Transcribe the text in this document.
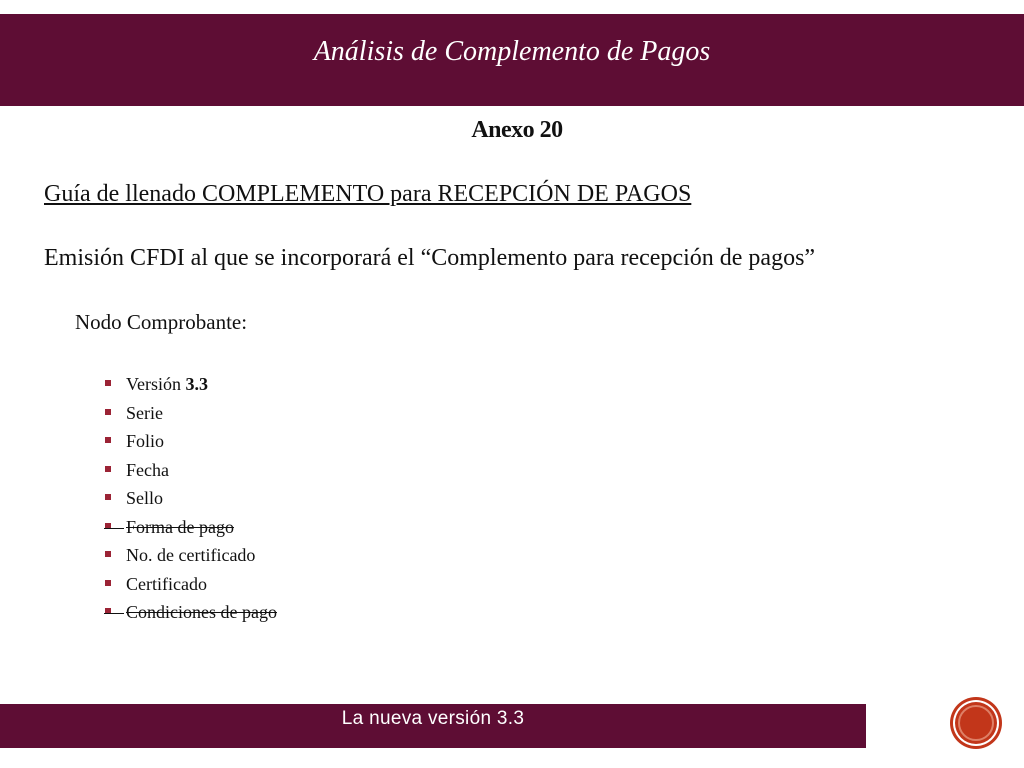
Análisis de Complemento de Pagos
Anexo 20
Guía de llenado COMPLEMENTO para RECEPCIÓN DE PAGOS
Emisión CFDI al que se incorporará el “Complemento para recepción de pagos”
Nodo Comprobante:
Versión 3.3
Serie
Folio
Fecha
Sello
Forma de pago
No. de certificado
Certificado
Condiciones de pago
La nueva versión 3.3
